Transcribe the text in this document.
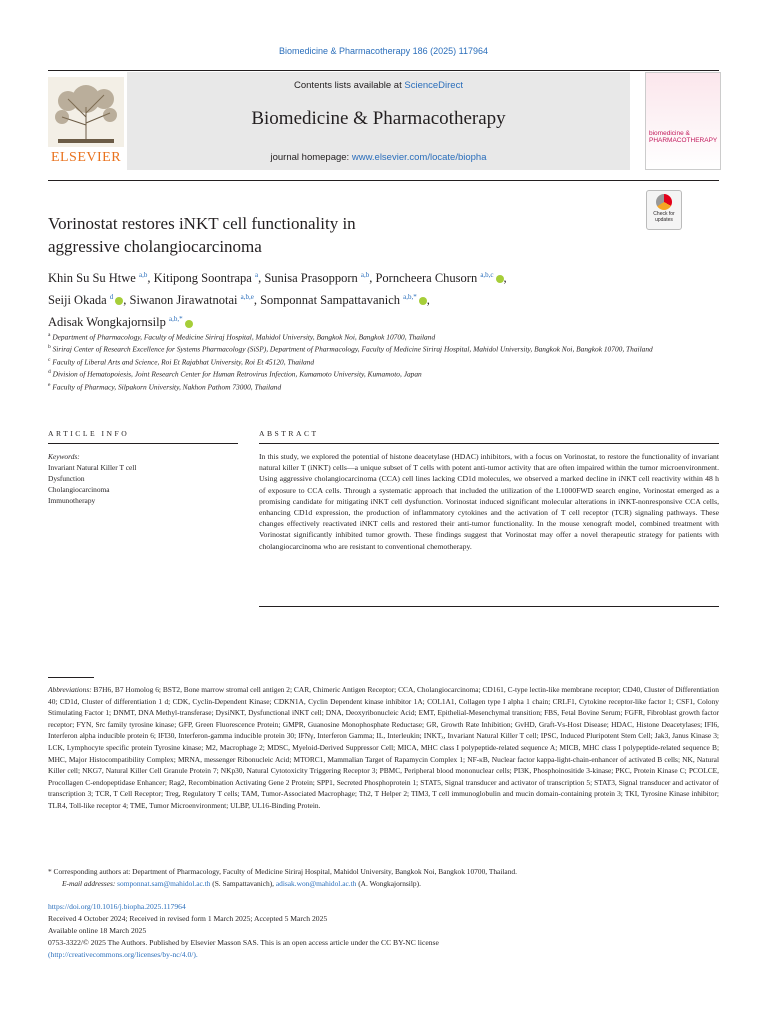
Biomedicine & Pharmacotherapy 186 (2025) 117964
Contents lists available at ScienceDirect
Biomedicine & Pharmacotherapy
journal homepage: www.elsevier.com/locate/biopha
ELSEVIER
biomedicine & PHARMACOTHERAPY
Check for updates
Vorinostat restores iNKT cell functionality in
aggressive cholangiocarcinoma
Khin Su Su Htwe $^{a,b}$, Kitipong Soontrapa $^a$, Sunisa Prasopporn $^{a,b}$, Porncheera Chusorn $^{a,b,c}$ ,
Seiji Okada $^d$ , Siwanon Jirawatnotai $^{a,b,e}$, Somponnat Sampattavanich $^{a,b,*}$ ,
Adisak Wongkajornsilp $^{a,b,*}$
$^a$ Department of Pharmacology, Faculty of Medicine Siriraj Hospital, Mahidol University, Bangkok Noi, Bangkok 10700, Thailand
$^b$ Siriraj Center of Research Excellence for Systems Pharmacology (SiSP), Department of Pharmacology, Faculty of Medicine Siriraj Hospital, Mahidol University, Bangkok Noi, Bangkok 10700, Thailand
$^c$ Faculty of Liberal Arts and Science, Roi Et Rajabhat University, Roi Et 45120, Thailand
$^d$ Division of Hematopoiesis, Joint Research Center for Human Retrovirus Infection, Kumamoto University, Kumamoto, Japan
$^e$ Faculty of Pharmacy, Silpakorn University, Nakhon Pathom 73000, Thailand
ARTICLE INFO	ABSTRACT
Keywords:
Invariant Natural Killer T cell
Dysfunction
Cholangiocarcinoma
Immunotherapy
In this study, we explored the potential of histone deacetylase (HDAC) inhibitors, with a focus on Vorinostat, to restore the functionality of invariant natural killer T (iNKT) cells—a unique subset of T cells with potent anti-tumor activity that are often impaired within the tumor microenvironment. Using aggressive cholangiocarcinoma (CCA) cell lines lacking CD1d molecules, we observed a marked decline in iNKT cell reactivity within 48 h of exposure to CCA cells. Through a systematic approach that included the utilization of the L1000FWD search engine, Vorinostat emerged as a promising candidate for mitigating iNKT cell dysfunction. Vorinostat induced significant molecular alterations in iNKT-nonresponsive CCA cells, enhancing CD1d expression, the production of inflammatory cytokines and the activation of T cell receptor (TCR) signaling pathways. These changes effectively reactivated iNKT cells and restored their anti-tumor functionality. In the mouse xenograft model, combined treatment with Vorinostat significantly inhibited tumor growth. These findings suggest that Vorinostat may offer a novel therapeutic strategy for patients with cholangiocarcinoma who are resistant to conventional chemotherapy.
Abbreviations: B7H6, B7 Homolog 6; BST2, Bone marrow stromal cell antigen 2; CAR, Chimeric Antigen Receptor; CCA, Cholangiocarcinoma; CD161, C-type lectin-like membrane receptor; CD40, Cluster of Differentiation 40; CD1d, Cluster of differentiation 1 d; CDK, Cyclin-Dependent Kinase; CDKN1A, Cyclin Dependent kinase inhibitor 1A; COL1A1, Collagen type I alpha 1 chain; CRLF1, Cytokine receptor-like factor 1; CSF1, Colony Stimulating Factor 1; DNMT, DNA Methyl-transferase; DysiNKT, Dysfunctional iNKT cell; DNA, Deoxyribonucleic Acid; EMT, Epithelial-Mesenchymal transition; FBS, Fetal Bovine Serum; FGFR, Fibroblast growth factor receptor; FYN, Src family tyrosine kinase; GFP, Green Fluorescence Protein; GMPR, Guanosine Monophosphate Reductase; GR, Growth Rate Inhibition; GvHD, Graft-Vs-Host Disease; HDAC, Histone Deacetylases; IFI6, Interferon alpha inducible protein 6; IFI30, Interferon-gamma inducible protein 30; IFNγ, Interferon Gamma; IL, Interleukin; INKTₓ, Invariant Natural Killer T cell; IPSC, Induced Pluripotent Stem Cell; Jak3, Janus Kinase 3; LCK, Lymphocyte specific protein Tyrosine kinase; M2, Macrophage 2; MDSC, Myeloid-Derived Suppressor Cell; MICA, MHC class I polypeptide-related sequence A; MICB, MHC class I polypeptide-related sequence B; MHC, Major Histocompatibility Complex; MRNA, messenger Ribonucleic Acid; MTORC1, Mammalian Target of Rapamycin Complex 1; NF-κB, Nuclear factor kappa-light-chain-enhancer of activated B cells; NK, Natural Killer cell; NKG7, Natural Killer Cell Granule Protein 7; NKp30, Natural Cytotoxicity Triggering Receptor 3; PBMC, Peripheral blood mononuclear cells; PI3K, Phosphoinositide 3-kinase; PKC, Protein Kinase C; PCOLCE, Procollagen C-endopeptidase Enhancer; Rag2, Recombination Activating Gene 2 Protein; SPP1, Secreted Phosphoprotein 1; STAT5, Signal transducer and activator of transcription 5; STAT3, Signal transducer and activator of transcription 3; TCR, T Cell Receptor; Treg, Regulatory T cells; TAM, Tumor-Associated Macrophage; Th2, T Helper 2; TIM3, T cell immunoglobulin and mucin domain-containing protein 3; TKI, Tyrosine Kinase inhibitor; TLR4, Toll-like receptor 4; TME, Tumor Microenvironment; ULBP, UL16-Binding Protein.
* Corresponding authors at: Department of Pharmacology, Faculty of Medicine Siriraj Hospital, Mahidol University, Bangkok Noi, Bangkok 10700, Thailand.
E-mail addresses: somponnat.sam@mahidol.ac.th (S. Sampattavanich), adisak.won@mahidol.ac.th (A. Wongkajornsilp).
https://doi.org/10.1016/j.biopha.2025.117964
Received 4 October 2024; Received in revised form 1 March 2025; Accepted 5 March 2025
Available online 18 March 2025
0753-3322/© 2025 The Authors. Published by Elsevier Masson SAS. This is an open access article under the CC BY-NC license
(http://creativecommons.org/licenses/by-nc/4.0/).
